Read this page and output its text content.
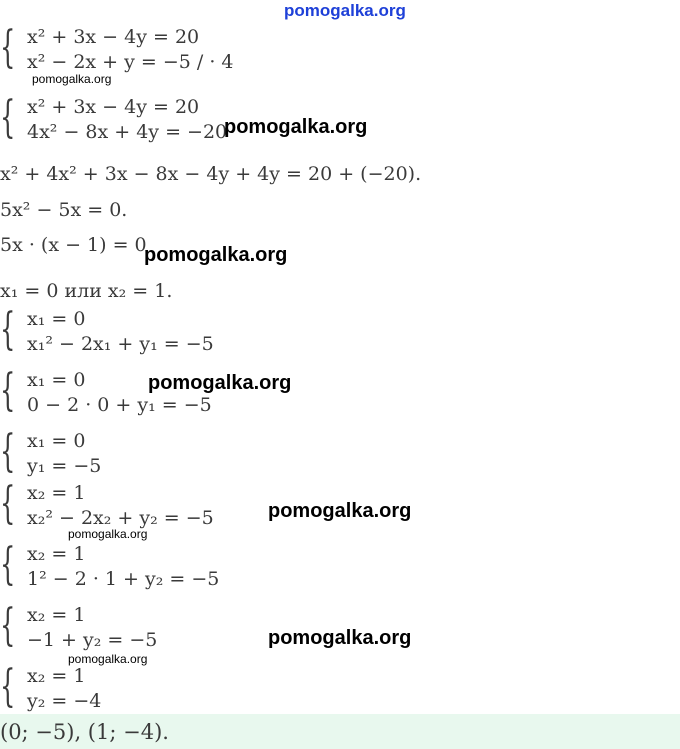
pomogalka.org
{ x² + 3x − 4y = 20
x² − 2x + y = −5 / · 4
pomogalka.org
{ x² + 3x − 4y = 20
4x² − 8x + 4y = −20
pomogalka.org
x² + 4x² + 3x − 8x − 4y + 4y = 20 + (−20).
5x² − 5x = 0.
5x · (x − 1) = 0
pomogalka.org
x₁ = 0 или x₂ = 1.
{ x₁ = 0
x₁² − 2x₁ + y₁ = −5
{ x₁ = 0
0 − 2 · 0 + y₁ = −5
pomogalka.org
{ x₁ = 0
y₁ = −5
{ x₂ = 1
x₂² − 2x₂ + y₂ = −5	pomogalka.org
pomogalka.org
{ x₂ = 1
1² − 2 · 1 + y₂ = −5
{ x₂ = 1
−1 + y₂ = −5	pomogalka.org
pomogalka.org
{ x₂ = 1
y₂ = −4
(0; −5), (1; −4).
